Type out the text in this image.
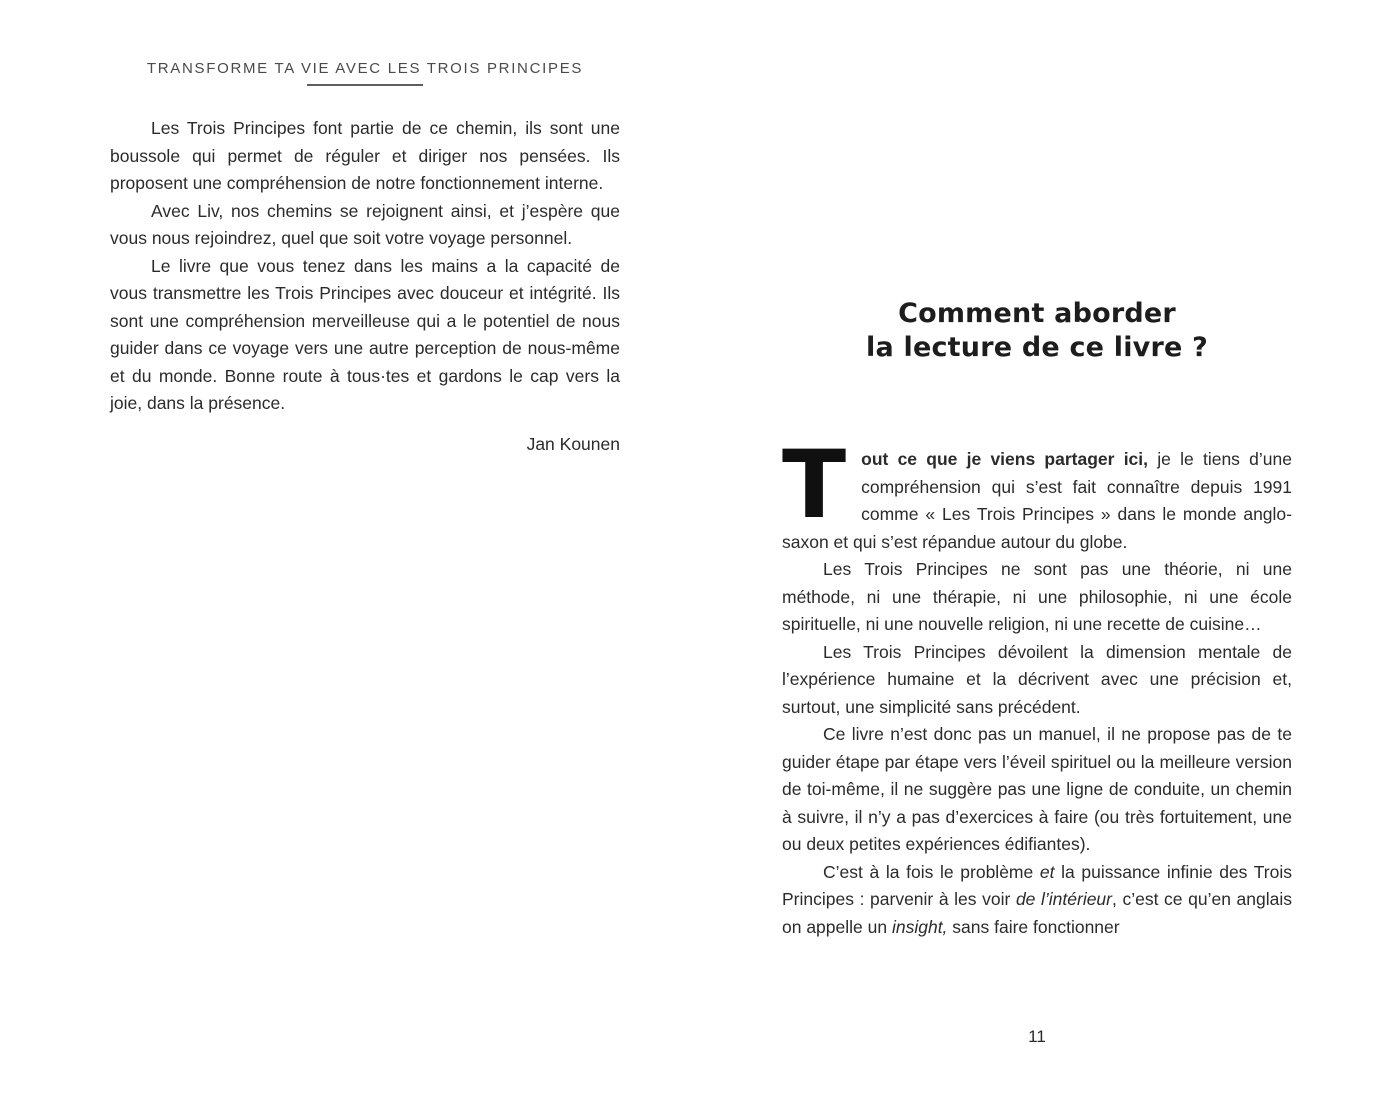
TRANSFORME TA VIE AVEC LES TROIS PRINCIPES

Les Trois Principes font partie de ce chemin, ils sont une boussole qui permet de réguler et diriger nos pensées. Ils proposent une compréhension de notre fonctionnement interne.

Avec Liv, nos chemins se rejoignent ainsi, et j’espère que vous nous rejoindrez, quel que soit votre voyage personnel.

Le livre que vous tenez dans les mains a la capacité de vous transmettre les Trois Principes avec douceur et intégrité. Ils sont une compréhension merveilleuse qui a le potentiel de nous guider dans ce voyage vers une autre perception de nous-même et du monde. Bonne route à tous·tes et gardons le cap vers la joie, dans la présence.

Jan Kounen
Comment aborder
la lecture de ce livre ?

Tout ce que je viens partager ici, je le tiens d’une compréhension qui s’est fait connaître depuis 1991 comme « Les Trois Principes » dans le monde anglo-saxon et qui s’est répandue autour du globe.

Les Trois Principes ne sont pas une théorie, ni une méthode, ni une thérapie, ni une philosophie, ni une école spirituelle, ni une nouvelle religion, ni une recette de cuisine…

Les Trois Principes dévoilent la dimension mentale de l’expérience humaine et la décrivent avec une précision et, surtout, une simplicité sans précédent.

Ce livre n’est donc pas un manuel, il ne propose pas de te guider étape par étape vers l’éveil spirituel ou la meilleure version de toi-même, il ne suggère pas une ligne de conduite, un chemin à suivre, il n’y a pas d’exercices à faire (ou très fortuitement, une ou deux petites expériences édifiantes).

C’est à la fois le problème et la puissance infinie des Trois Principes : parvenir à les voir de l’intérieur, c’est ce qu’en anglais on appelle un insight, sans faire fonctionner

11
